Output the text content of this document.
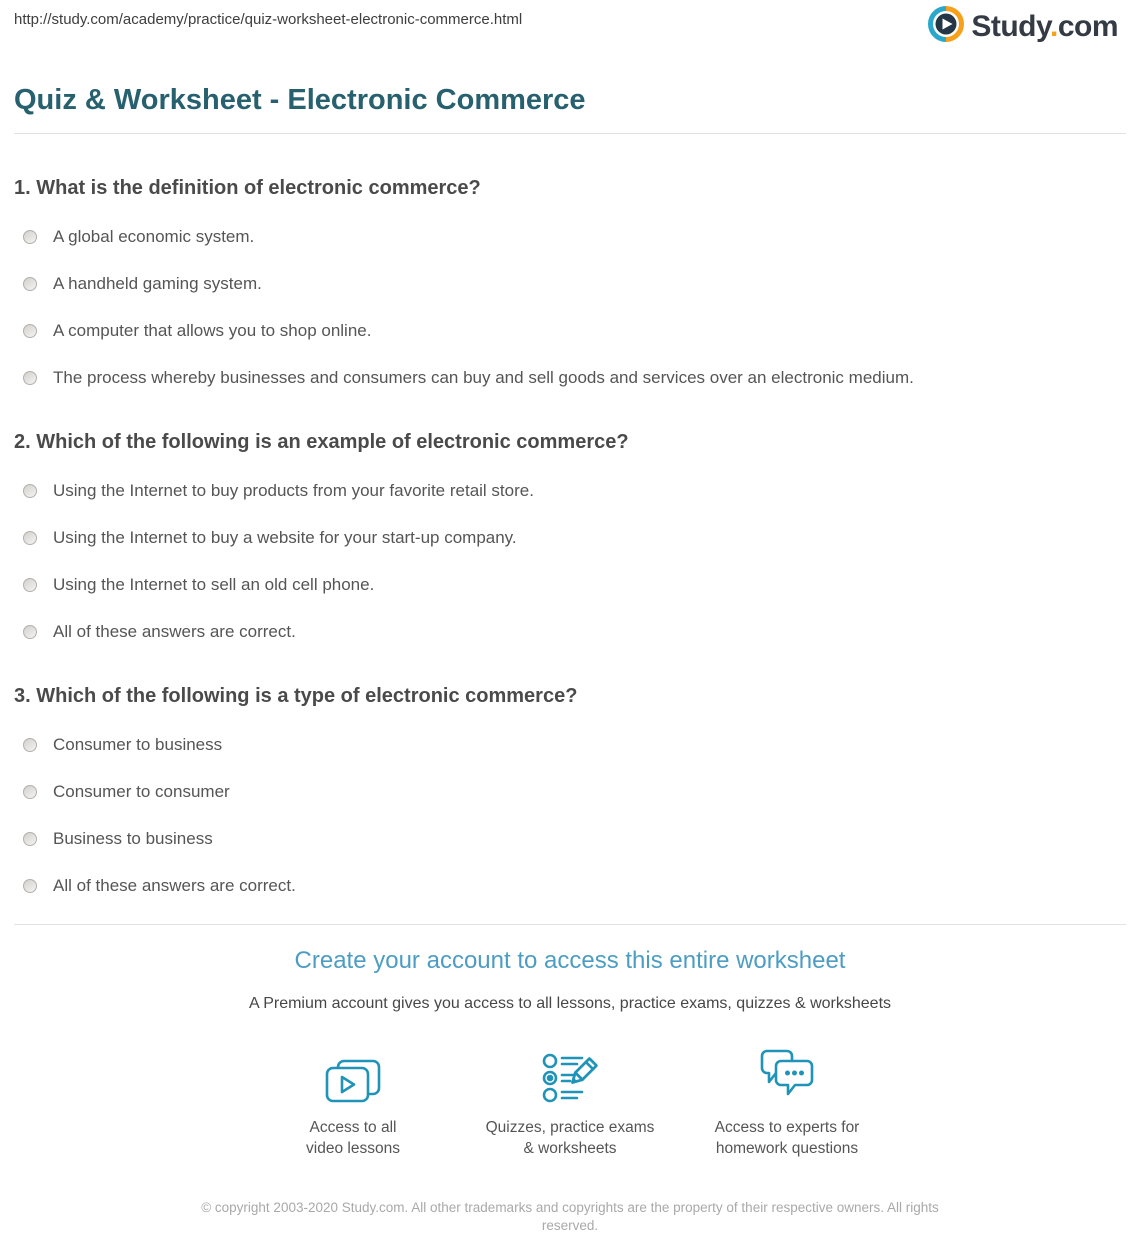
http://study.com/academy/practice/quiz-worksheet-electronic-commerce.html	Study.com
Quiz & Worksheet - Electronic Commerce
1. What is the definition of electronic commerce?
A global economic system.
A handheld gaming system.
A computer that allows you to shop online.
The process whereby businesses and consumers can buy and sell goods and services over an electronic medium.
2. Which of the following is an example of electronic commerce?
Using the Internet to buy products from your favorite retail store.
Using the Internet to buy a website for your start-up company.
Using the Internet to sell an old cell phone.
All of these answers are correct.
3. Which of the following is a type of electronic commerce?
Consumer to business
Consumer to consumer
Business to business
All of these answers are correct.
Create your account to access this entire worksheet
A Premium account gives you access to all lessons, practice exams, quizzes & worksheets
Access to all
video lessons
Quizzes, practice exams
& worksheets
Access to experts for
homework questions
© copyright 2003-2020 Study.com. All other trademarks and copyrights are the property of their respective owners. All rights reserved.
